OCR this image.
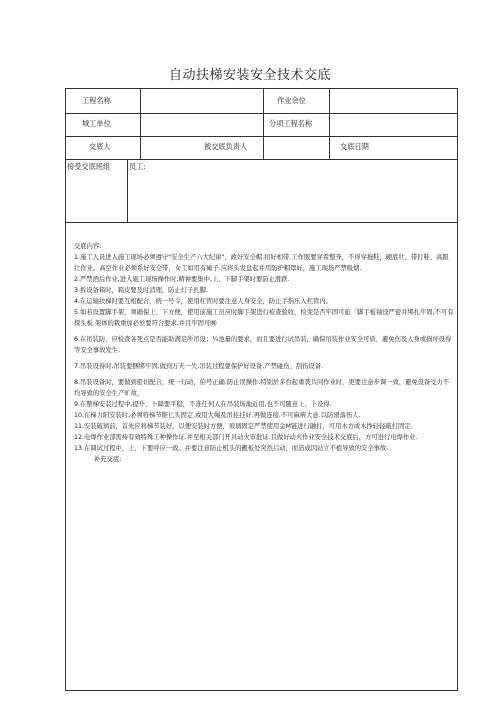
自动扶梯安装安全技术交底
工程名称	作业余位
城工单位	分项工程名称
交底人	被交底负责人	交底日期
接受交底班组	员工:

交底内容:

1.施工人员进入施工现场必须遵守"安全生产六大纪律"，政好安全帽.扣好相带.工作服要穿希整齐，不得穿拖鞋，硬底壮，带打鞋、高跟壮作业。高空作业必须系好安全带，女工如用有瘫子.应将头发盘起并用防护帽罩好，施工现场严禁吸烟.

2.严禁酒后作业,进入施工现场操作时,精神要集中,上、下脚手架时要防止滑跌.

3.拆设备箱时，箱皮要及时消理，防止灯子扎脚.

4.在运输扶梯时要互相配合，统一号令，使用杠管时要注意人身安全，防止手指压入杠管内。

5.如若设置脚手架，须确保上、下方便，使用前施工员应时脚手架进行检查验收，检变是否牢固可旅「脚手板铀设严密并绑扎牢固,不可有探头板.架体的栽重加必於要符合要求,并且牢固可㈱

6.在吊装防，应检查各死点是否能助满足所吊设；¼池量的要求，而且要进行试吊装，确保吊装作业安全可质，避免伤及人身或损坏设得等安全事故发生.

7.吊装设得时,吊装要捆绑牢固,做到万无一失.吊装过程要保护好设备,产禁碰伤、刮伤设备.

8.吊装设备时，要做到密切配合，统一行动，伯号正确.防止误操作.特别於多台起重袭共同作业时，更要注意步调一致，避免设备受力不均导致的安全生产旷故，

9.在整梯安装过程中,提升、卜降要平稳，不准任何人在吊装场地近用,也不可随意上、卜设得.

10.在梯力阳安装时,必须符梯节锥匕头固定.或用大绳及吊桂挂好.再做连接.不可麻痹大意.以防滑落伤人.

11.安装破璃前，首先应将梯节装好，以便安装时方便，玻璃固定严禁使用金M链进行融打，可用木方或木挣轻轻敲打固定.

12.电焊作业部需持有效特殊工种操作证.并至相关部门开具动火审批证.且做好动火作业安全技术交底后，方可进行电焊作业.

13.在调试过程中，上、下要呼应一致。并要注意防止机头的靓板处突然启动，而造成因站立不植导致的安全事故.

补充交底:
